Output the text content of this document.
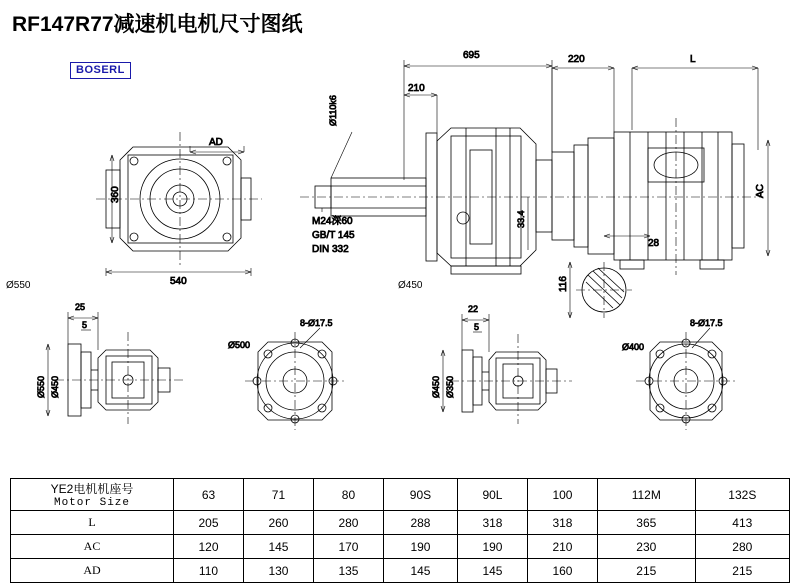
RF147R77减速机电机尺寸图纸
BOSERL
AD
360
540
695
210
220	L
Ø110k6
M24深60
GB/T 145
DIN 332
33.4
AC
28
116
25
5
Ø550 Ø450
8-Ø17.5
Ø500
22
5
Ø450 Ø350
8-Ø17.5
Ø400
Ø550	Ø450
YE2电机机座号
Motor Size	63	71	80	90S	90L	100	112M	132S
L	205	260	280	288	318	318	365	413
AC	120	145	170	190	190	210	230	280
AD	110	130	135	145	145	160	215	215
